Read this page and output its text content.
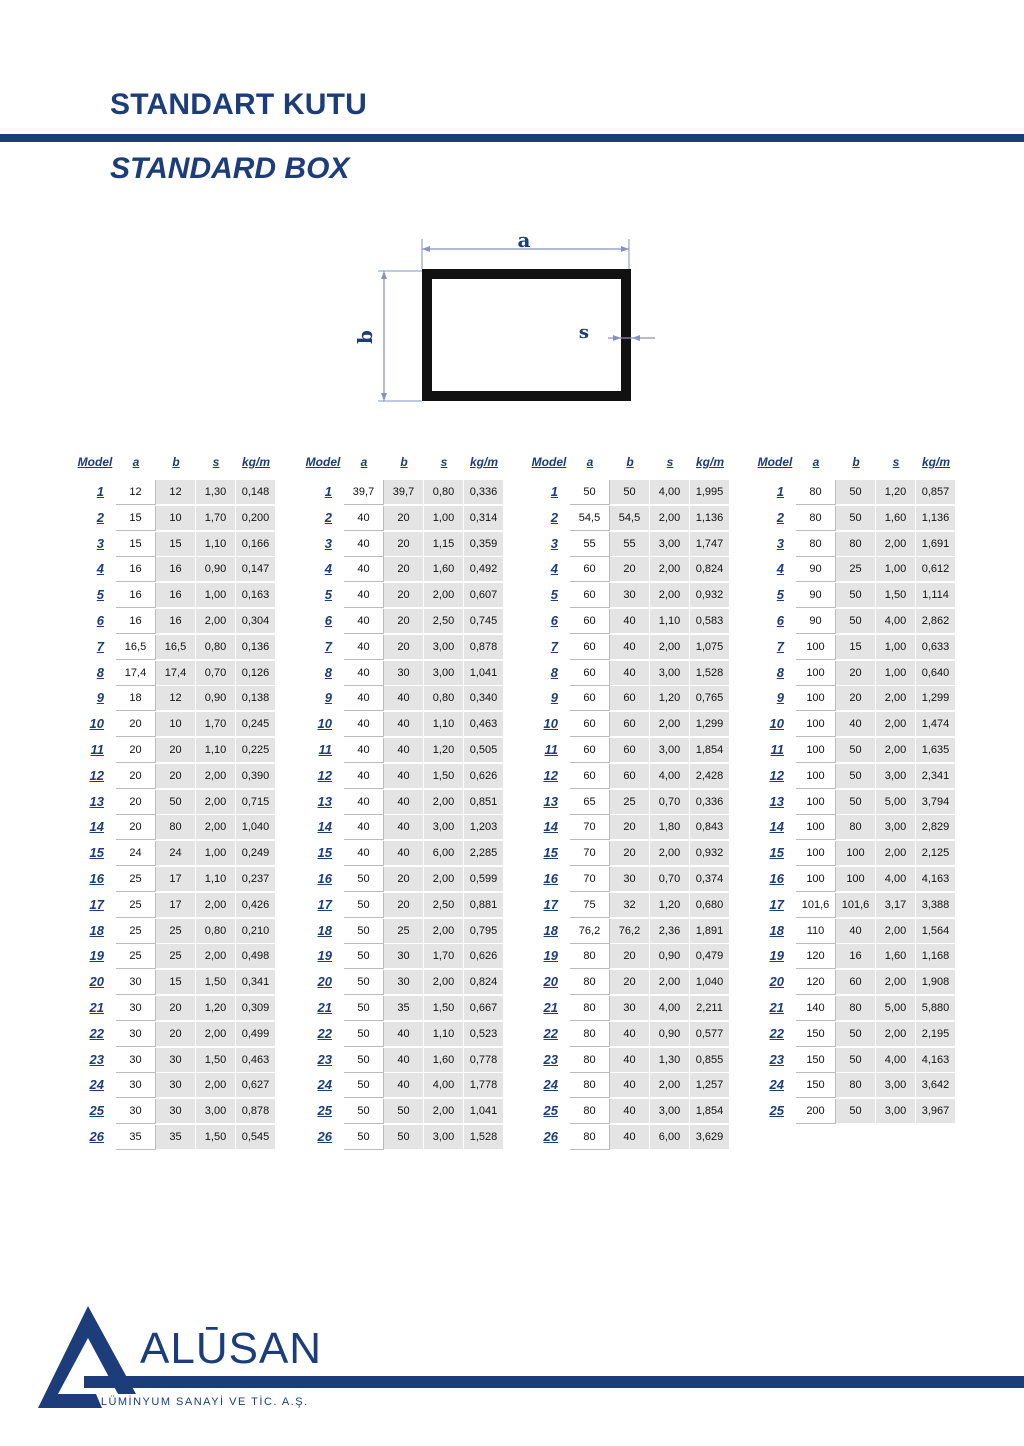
STANDART KUTU
STANDARD BOX
a
b	s
Model	a	b	s	kg/m
1	12	12	1,30	0,148
2	15	10	1,70	0,200
3	15	15	1,10	0,166
4	16	16	0,90	0,147
5	16	16	1,00	0,163
6	16	16	2,00	0,304
7	16,5	16,5	0,80	0,136
8	17,4	17,4	0,70	0,126
9	18	12	0,90	0,138
10	20	10	1,70	0,245
11	20	20	1,10	0,225
12	20	20	2,00	0,390
13	20	50	2,00	0,715
14	20	80	2,00	1,040
15	24	24	1,00	0,249
16	25	17	1,10	0,237
17	25	17	2,00	0,426
18	25	25	0,80	0,210
19	25	25	2,00	0,498
20	30	15	1,50	0,341
21	30	20	1,20	0,309
22	30	20	2,00	0,499
23	30	30	1,50	0,463
24	30	30	2,00	0,627
25	30	30	3,00	0,878
26	35	35	1,50	0,545
Model	a	b	s	kg/m
1	39,7	39,7	0,80	0,336
2	40	20	1,00	0,314
3	40	20	1,15	0,359
4	40	20	1,60	0,492
5	40	20	2,00	0,607
6	40	20	2,50	0,745
7	40	20	3,00	0,878
8	40	30	3,00	1,041
9	40	40	0,80	0,340
10	40	40	1,10	0,463
11	40	40	1,20	0,505
12	40	40	1,50	0,626
13	40	40	2,00	0,851
14	40	40	3,00	1,203
15	40	40	6,00	2,285
16	50	20	2,00	0,599
17	50	20	2,50	0,881
18	50	25	2,00	0,795
19	50	30	1,70	0,626
20	50	30	2,00	0,824
21	50	35	1,50	0,667
22	50	40	1,10	0,523
23	50	40	1,60	0,778
24	50	40	4,00	1,778
25	50	50	2,00	1,041
26	50	50	3,00	1,528
Model	a	b	s	kg/m
1	50	50	4,00	1,995
2	54,5	54,5	2,00	1,136
3	55	55	3,00	1,747
4	60	20	2,00	0,824
5	60	30	2,00	0,932
6	60	40	1,10	0,583
7	60	40	2,00	1,075
8	60	40	3,00	1,528
9	60	60	1,20	0,765
10	60	60	2,00	1,299
11	60	60	3,00	1,854
12	60	60	4,00	2,428
13	65	25	0,70	0,336
14	70	20	1,80	0,843
15	70	20	2,00	0,932
16	70	30	0,70	0,374
17	75	32	1,20	0,680
18	76,2	76,2	2,36	1,891
19	80	20	0,90	0,479
20	80	20	2,00	1,040
21	80	30	4,00	2,211
22	80	40	0,90	0,577
23	80	40	1,30	0,855
24	80	40	2,00	1,257
25	80	40	3,00	1,854
26	80	40	6,00	3,629
Model	a	b	s	kg/m
1	80	50	1,20	0,857
2	80	50	1,60	1,136
3	80	80	2,00	1,691
4	90	25	1,00	0,612
5	90	50	1,50	1,114
6	90	50	4,00	2,862
7	100	15	1,00	0,633
8	100	20	1,00	0,640
9	100	20	2,00	1,299
10	100	40	2,00	1,474
11	100	50	2,00	1,635
12	100	50	3,00	2,341
13	100	50	5,00	3,794
14	100	80	3,00	2,829
15	100	100	2,00	2,125
16	100	100	4,00	4,163
17	101,6	101,6	3,17	3,388
18	110	40	2,00	1,564
19	120	16	1,60	1,168
20	120	60	2,00	1,908
21	140	80	5,00	5,880
22	150	50	2,00	2,195
23	150	50	4,00	4,163
24	150	80	3,00	3,642
25	200	50	3,00	3,967

ALŪSAN

ALÜMİNYUM SANAYİ VE TİC. A.Ş.
